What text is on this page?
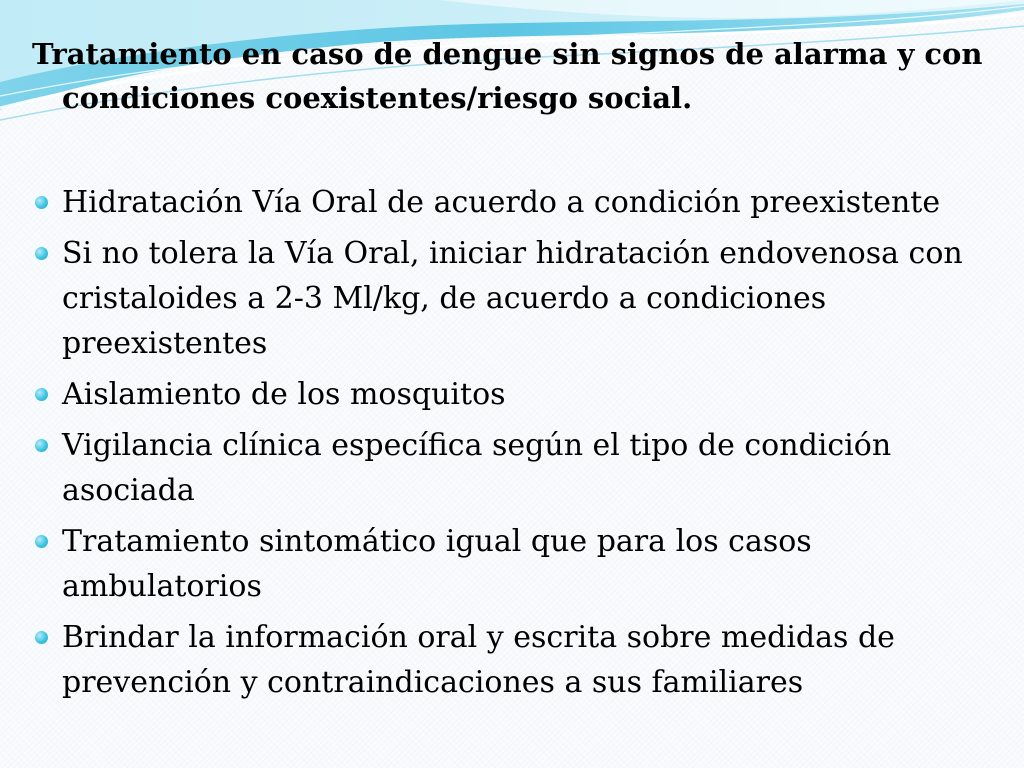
Tratamiento en caso de dengue sin signos de alarma y con condiciones coexistentes/riesgo social.
Hidratación Vía Oral de acuerdo a condición preexistente
Si no tolera la Vía Oral, iniciar hidratación endovenosa con cristaloides a 2-3 Ml/kg, de acuerdo a condiciones preexistentes
Aislamiento de los mosquitos
Vigilancia clínica específica según el tipo de condición asociada
Tratamiento sintomático igual que para los casos ambulatorios
Brindar la información oral y escrita sobre medidas de prevención y contraindicaciones a sus familiares
